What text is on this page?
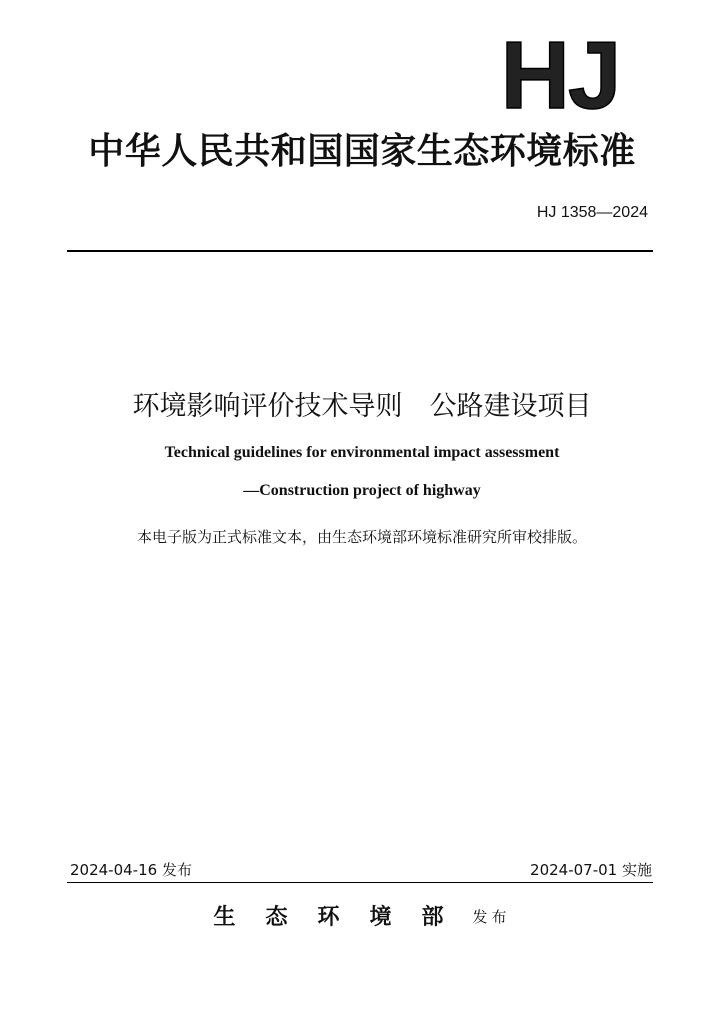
HJ
中华人民共和国国家生态环境标准
HJ 1358—2024
环境影响评价技术导则　公路建设项目
Technical guidelines for environmental impact assessment
—Construction project of highway
本电子版为正式标准文本，由生态环境部环境标准研究所审校排版。
2024-04-16 发布	2024-07-01 实施
生态环境部 发布
